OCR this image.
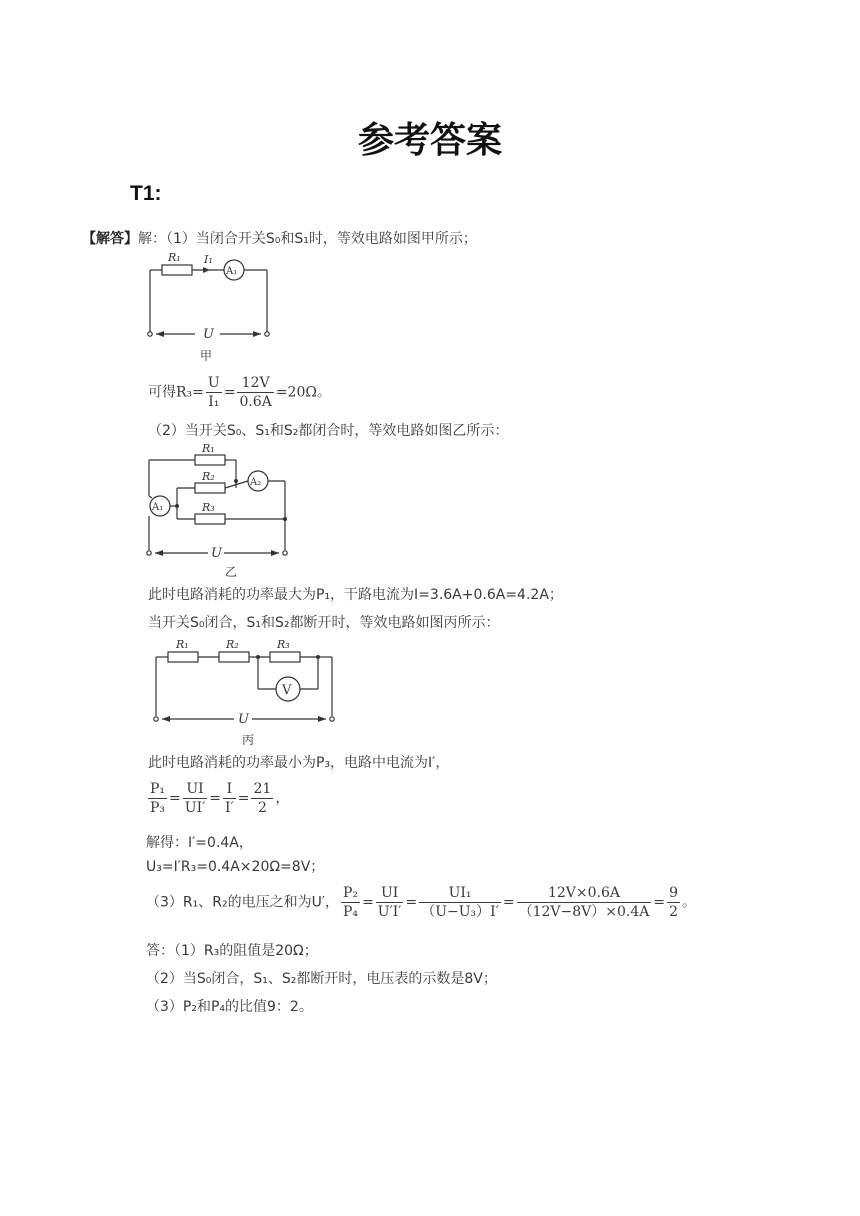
参考答案
T1:
【解答】解：（1）当闭合开关S₀和S₁时，等效电路如图甲所示；
R₁ I₁
A₁
U
甲
可得$R_3= \frac{U}{\text{I₁}} = \frac{12V}{0.6A} =20\Omega$。
（2）当开关S₀、S₁和S₂都闭合时，等效电路如图乙所示：
R₁
R₂
R₃
A₁
A₂
U
乙
此时电路消耗的功率最大为P₁，干路电流为I=3.6A+0.6A=4.2A；
当开关S₀闭合，S₁和S₂都断开时，等效电路如图丙所示：
R₁	R₂	R₃
V
U
丙
此时电路消耗的功率最小为P₃，电路中电流为I′，
$\frac{\text{P₁}}{\text{P₃}} = \frac{UI}{UI'} = \frac{I}{I'} = \frac{21}{2}$ ，
解得：I′=0.4A，
U₃=I′R₃=0.4A×20Ω=8V；
（3）R₁、R₂的电压之和为U′， $\frac{\text{P₂}}{\text{P₄}} = \frac{UI}{U'I'} = \frac{\text{UI₁}}{\text{（U−U₃）I′}} = \frac{12V\times 0.6A}{(12V-8V)\times 0.4A} = \frac{9}{2}$ 。
答：（1）R₃的阻值是20Ω；
（2）当S₀闭合，S₁、S₂都断开时，电压表的示数是8V；
（3）P₂和P₄的比值9：2。
